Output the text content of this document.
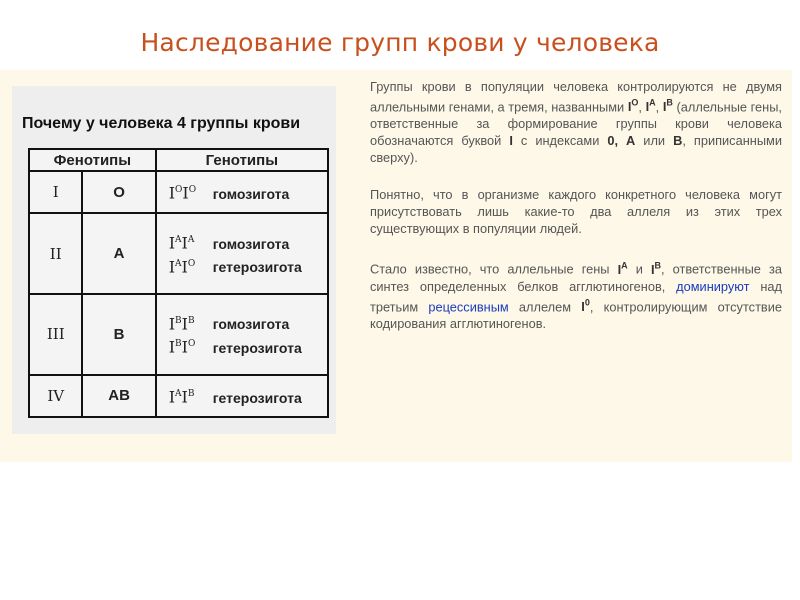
Наследование групп крови у человека
Почему у человека 4 группы крови
Фенотипы		Генотипы
I	O	$I^OI^O$ гомозигота

II	A	$I^AI^A$ гомозигота
$I^AI^O$ гетерозигота

III	B	$I^BI^B$ гомозигота
$I^BI^O$ гетерозигота

IV	AB	$I^AI^B$ гетерозигота

Группы крови в популяции человека контролируются не двумя аллельными генами, а тремя, названными $I^O$, $I^A$, $I^B$ (аллельные гены, ответственные за формирование группы крови человека обозначаются буквой I с индексами 0, А или В, приписанными сверху).

Понятно, что в организме каждого конкретного человека могут присутствовать лишь какие-то два аллеля из этих трех существующих в популяции людей.

Стало известно, что аллельные гены $I^A$ и $I^B$, ответственные за синтез определенных белков агглютиногенов, доминируют над третьим рецессивным аллелем $I^0$, контролирующим отсутствие кодирования агглютиногенов.
